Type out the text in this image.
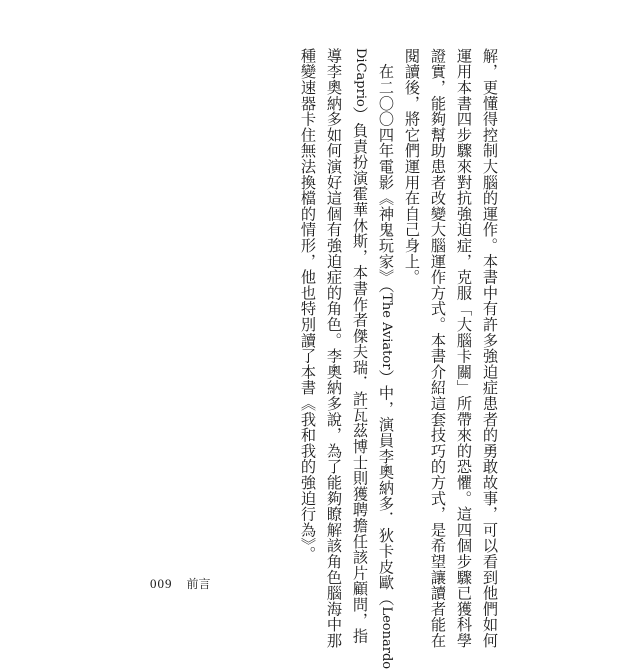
解，更懂得控制大腦的運作。本書中有許多強迫症患者的勇敢故事，可以看到他們如何
運用本書四步驟來對抗強迫症，克服「大腦卡關」所帶來的恐懼。這四個步驟已獲科學
證實，能夠幫助患者改變大腦運作方式。本書介紹這套技巧的方式，是希望讓讀者能在
閱讀後，將它們運用在自己身上。
　在二〇〇四年電影《神鬼玩家》（The Aviator）中，演員李奧納多．狄卡皮歐（Leonardo
DiCaprio）負責扮演霍華休斯，本書作者傑夫瑞．許瓦茲博士則獲聘擔任該片顧問，指
導李奧納多如何演好這個有強迫症的角色。李奧納多說，為了能夠瞭解該角色腦海中那
種變速器卡住無法換檔的情形，他也特別讀了本書《我和我的強迫行為》。
009 前言
